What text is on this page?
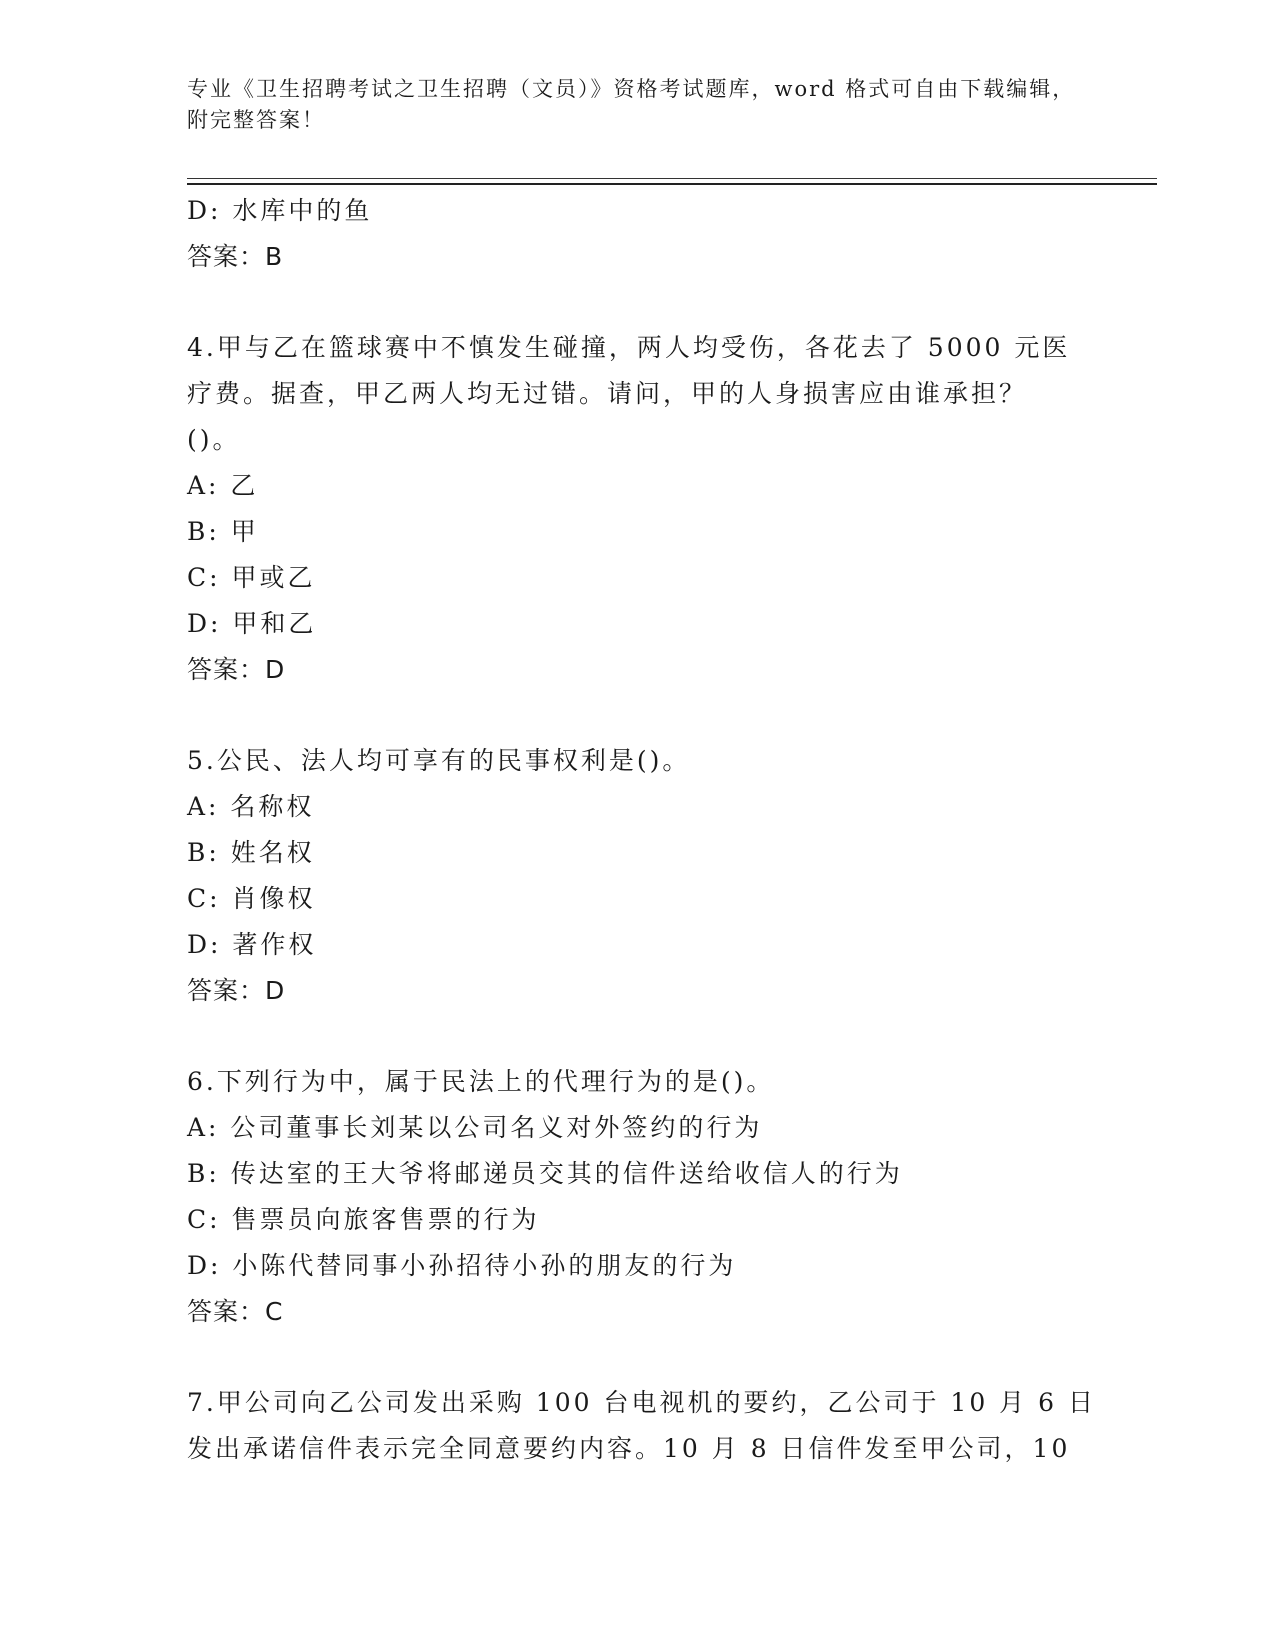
专业《卫生招聘考试之卫生招聘（文员）》资格考试题库，word 格式可自由下载编辑，附完整答案！
D: 水库中的鱼
答案：B
4.甲与乙在篮球赛中不慎发生碰撞，两人均受伤，各花去了 5000 元医
疗费。据查，甲乙两人均无过错。请问，甲的人身损害应由谁承担？
()。
A: 乙
B: 甲
C: 甲或乙
D: 甲和乙
答案：D
5.公民、法人均可享有的民事权利是()。
A: 名称权
B: 姓名权
C: 肖像权
D: 著作权
答案：D
6.下列行为中，属于民法上的代理行为的是()。
A: 公司董事长刘某以公司名义对外签约的行为
B: 传达室的王大爷将邮递员交其的信件送给收信人的行为
C: 售票员向旅客售票的行为
D: 小陈代替同事小孙招待小孙的朋友的行为
答案：C
7.甲公司向乙公司发出采购 100 台电视机的要约，乙公司于 10 月 6 日
发出承诺信件表示完全同意要约内容。10 月 8 日信件发至甲公司，10
